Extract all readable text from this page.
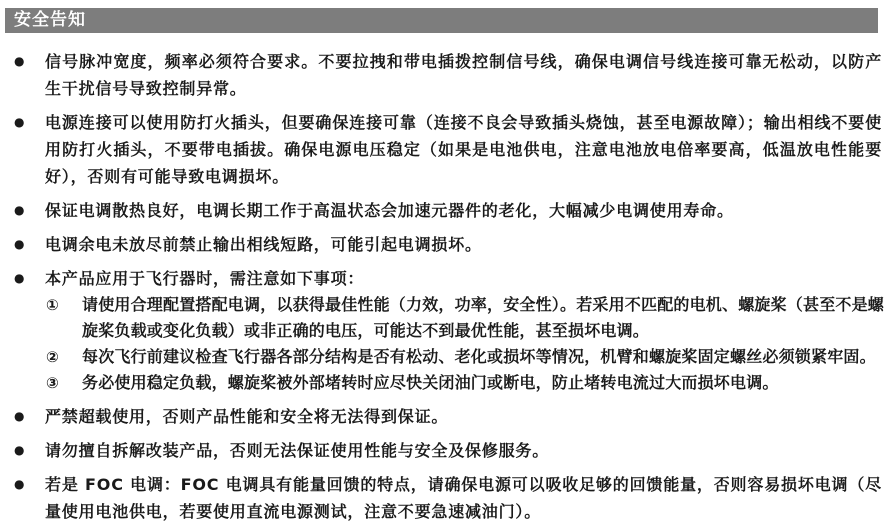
安全告知
●	信号脉冲宽度，频率必须符合要求。不要拉拽和带电插拨控制信号线，确保电调信号线连接可靠无松动，以防产生干扰信号导致控制异常。

●	电源连接可以使用防打火插头，但要确保连接可靠（连接不良会导致插头烧蚀，甚至电源故障）；输出相线不要使用防打火插头，不要带电插拔。确保电源电压稳定（如果是电池供电，注意电池放电倍率要高，低温放电性能要好），否则有可能导致电调损坏。

●	保证电调散热良好，电调长期工作于高温状态会加速元器件的老化，大幅减少电调使用寿命。

●	电调余电未放尽前禁止输出相线短路，可能引起电调损坏。

●	本产品应用于飞行器时，需注意如下事项：

①	请使用合理配置搭配电调，以获得最佳性能（力效，功率，安全性）。若采用不匹配的电机、螺旋桨（甚至不是螺旋桨负载或变化负载）或非正确的电压，可能达不到最优性能，甚至损坏电调。

②	每次飞行前建议检查飞行器各部分结构是否有松动、老化或损坏等情况，机臂和螺旋桨固定螺丝必须锁紧牢固。

③	务必使用稳定负载，螺旋桨被外部堵转时应尽快关闭油门或断电，防止堵转电流过大而损坏电调。

●	严禁超载使用，否则产品性能和安全将无法得到保证。

●	请勿擅自拆解改装产品，否则无法保证使用性能与安全及保修服务。

●	若是 FOC 电调：FOC 电调具有能量回馈的特点，请确保电源可以吸收足够的回馈能量，否则容易损坏电调（尽量使用电池供电，若要使用直流电源测试，注意不要急速减油门）。
